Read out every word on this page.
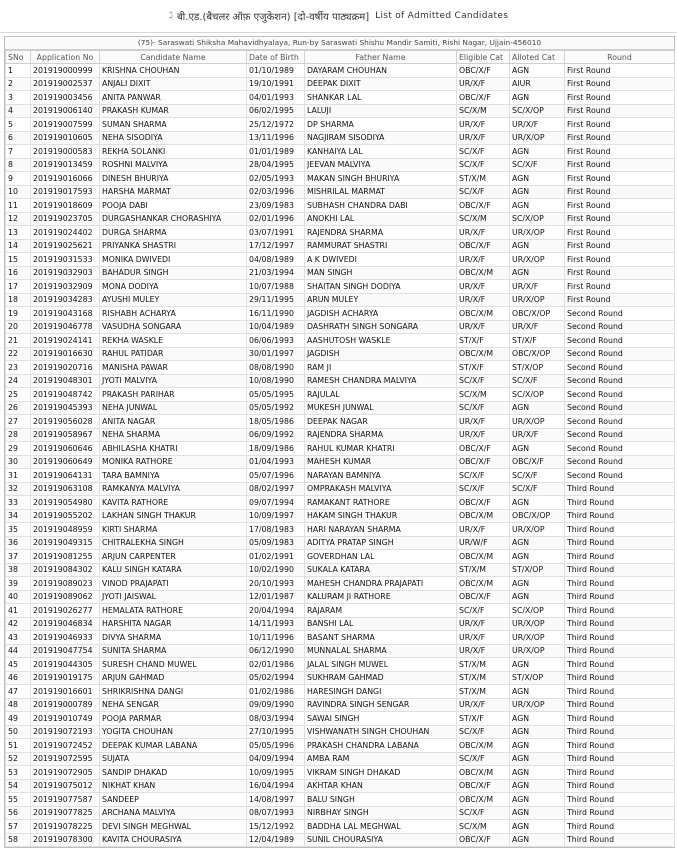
ℷ बी.एड.(बैचलर ऑफ़ एजुकेशन) [दो-वर्षीय पाठ्यक्रम] List of Admitted Candidates
(75)- Saraswati Shiksha Mahavidhyalaya, Run-by Saraswati Shishu Mandir Samiti, Rishi Nagar, Ujjain-456010
SNo	Application No	Candidate Name	Date of Birth	Father Name	Eligible Cat	Alloted Cat	Round
1	201919000999	KRISHNA CHOUHAN	01/10/1989	DAYARAM CHOUHAN	OBC/X/F	AGN	First Round
2	201919002537	ANJALI DIXIT	19/10/1991	DEEPAK DIXIT	UR/X/F	AIUR	First Round
3	201919003456	ANITA PANWAR	04/01/1993	SHANKAR LAL	OBC/X/F	AGN	First Round
4	201919006140	PRAKASH KUMAR	06/02/1995	LALUJI	SC/X/M	SC/X/OP	First Round
5	201919007599	SUMAN SHARMA	25/12/1972	DP SHARMA	UR/X/F	UR/X/F	First Round
6	201919010605	NEHA SISODIYA	13/11/1996	NAGJIRAM SISODIYA	UR/X/F	UR/X/OP	First Round
7	201919000583	REKHA SOLANKI	01/01/1989	KANHAIYA LAL	SC/X/F	AGN	First Round
8	201919013459	ROSHNI MALVIYA	28/04/1995	JEEVAN MALVIYA	SC/X/F	SC/X/F	First Round
9	201919016066	DINESH BHURIYA	02/05/1993	MAKAN SINGH BHURIYA	ST/X/M	AGN	First Round
10	201919017593	HARSHA MARMAT	02/03/1996	MISHRILAL MARMAT	SC/X/F	AGN	First Round
11	201919018609	POOJA DABI	23/09/1983	SUBHASH CHANDRA DABI	OBC/X/F	AGN	First Round
12	201919023705	DURGASHANKAR CHORASHIYA	02/01/1996	ANOKHI LAL	SC/X/M	SC/X/OP	First Round
13	201919024402	DURGA SHARMA	03/07/1991	RAJENDRA SHARMA	UR/X/F	UR/X/OP	First Round
14	201919025621	PRIYANKA SHASTRI	17/12/1997	RAMMURAT SHASTRI	OBC/X/F	AGN	First Round
15	201919031533	MONIKA DWIVEDI	04/08/1989	A K DWIVEDI	UR/X/F	UR/X/OP	First Round
16	201919032903	BAHADUR SINGH	21/03/1994	MAN SINGH	OBC/X/M	AGN	First Round
17	201919032909	MONA DODIYA	10/07/1988	SHAITAN SINGH DODIYA	UR/X/F	UR/X/F	First Round
18	201919034283	AYUSHI MULEY	29/11/1995	ARUN MULEY	UR/X/F	UR/X/OP	First Round
19	201919043168	RISHABH ACHARYA	16/11/1990	JAGDISH ACHARYA	OBC/X/M	OBC/X/OP	Second Round
20	201919046778	VASUDHA SONGARA	10/04/1989	DASHRATH SINGH SONGARA	UR/X/F	UR/X/F	Second Round
21	201919024141	REKHA WASKLE	06/06/1993	AASHUTOSH WASKLE	ST/X/F	ST/X/F	Second Round
22	201919016630	RAHUL PATIDAR	30/01/1997	JAGDISH	OBC/X/M	OBC/X/OP	Second Round
23	201919020716	MANISHA PAWAR	08/08/1990	RAM JI	ST/X/F	ST/X/OP	Second Round
24	201919048301	JYOTI MALVIYA	10/08/1990	RAMESH CHANDRA MALVIYA	SC/X/F	SC/X/F	Second Round
25	201919048742	PRAKASH PARIHAR	05/05/1995	RAJULAL	SC/X/M	SC/X/OP	Second Round
26	201919045393	NEHA JUNWAL	05/05/1992	MUKESH JUNWAL	SC/X/F	AGN	Second Round
27	201919056028	ANITA NAGAR	18/05/1986	DEEPAK NAGAR	UR/X/F	UR/X/OP	Second Round
28	201919058967	NEHA SHARMA	06/09/1992	RAJENDRA SHARMA	UR/X/F	UR/X/F	Second Round
29	201919060646	ABHILASHA KHATRI	18/09/1986	RAHUL KUMAR KHATRI	OBC/X/F	AGN	Second Round
30	201919060649	MONIKA RATHORE	01/04/1993	MAHESH KUMAR	OBC/X/F	OBC/X/F	Second Round
31	201919064131	TARA BAMNIYA	05/07/1996	NARAYAN BAMNIYA	SC/X/F	SC/X/F	Second Round
32	201919063108	RAMKANYA MALVIYA	08/02/1997	OMPRAKASH MALVIYA	SC/X/F	SC/X/F	Third Round
33	201919054980	KAVITA RATHORE	09/07/1994	RAMAKANT RATHORE	OBC/X/F	AGN	Third Round
34	201919055202	LAKHAN SINGH THAKUR	10/09/1997	HAKAM SINGH THAKUR	OBC/X/M	OBC/X/OP	Third Round
35	201919048959	KIRTI SHARMA	17/08/1983	HARI NARAYAN SHARMA	UR/X/F	UR/X/OP	Third Round
36	201919049315	CHITRALEKHA SINGH	05/09/1983	ADITYA PRATAP SINGH	UR/W/F	AGN	Third Round
37	201919081255	ARJUN CARPENTER	01/02/1991	GOVERDHAN LAL	OBC/X/M	AGN	Third Round
38	201919084302	KALU SINGH KATARA	10/02/1990	SUKALA KATARA	ST/X/M	ST/X/OP	Third Round
39	201919089023	VINOD PRAJAPATI	20/10/1993	MAHESH CHANDRA PRAJAPATI	OBC/X/M	AGN	Third Round
40	201919089062	JYOTI JAISWAL	12/01/1987	KALURAM JI RATHORE	OBC/X/F	AGN	Third Round
41	201919026277	HEMALATA RATHORE	20/04/1994	RAJARAM	SC/X/F	SC/X/OP	Third Round
42	201919046834	HARSHITA NAGAR	14/11/1993	BANSHI LAL	UR/X/F	UR/X/OP	Third Round
43	201919046933	DIVYA SHARMA	10/11/1996	BASANT SHARMA	UR/X/F	UR/X/OP	Third Round
44	201919047754	SUNITA SHARMA	06/12/1990	MUNNALAL SHARMA	UR/X/F	UR/X/OP	Third Round
45	201919044305	SURESH CHAND MUWEL	02/01/1986	JALAL SINGH MUWEL	ST/X/M	AGN	Third Round
46	201919019175	ARJUN GAHMAD	05/02/1994	SUKHRAM GAHMAD	ST/X/M	ST/X/OP	Third Round
47	201919016601	SHRIKRISHNA DANGI	01/02/1986	HARESINGH DANGI	ST/X/M	AGN	Third Round
48	201919000789	NEHA SENGAR	09/09/1990	RAVINDRA SINGH SENGAR	UR/X/F	UR/X/OP	Third Round
49	201919010749	POOJA PARMAR	08/03/1994	SAWAI SINGH	ST/X/F	AGN	Third Round
50	201919072193	YOGITA CHOUHAN	27/10/1995	VISHWANATH SINGH CHOUHAN	SC/X/F	AGN	Third Round
51	201919072452	DEEPAK KUMAR LABANA	05/05/1996	PRAKASH CHANDRA LABANA	OBC/X/M	AGN	Third Round
52	201919072595	SUJATA	04/09/1994	AMBA RAM	SC/X/F	AGN	Third Round
53	201919072905	SANDIP DHAKAD	10/09/1995	VIKRAM SINGH DHAKAD	OBC/X/M	AGN	Third Round
54	201919075012	NIKHAT KHAN	16/04/1994	AKHTAR KHAN	OBC/X/F	AGN	Third Round
55	201919077587	SANDEEP	14/08/1997	BALU SINGH	OBC/X/M	AGN	Third Round
56	201919077825	ARCHANA MALVIYA	08/07/1993	NIRBHAY SINGH	SC/X/F	AGN	Third Round
57	201919078225	DEVI SINGH MEGHWAL	15/12/1992	BADDHA LAL MEGHWAL	SC/X/M	AGN	Third Round
58	201919078300	KAVITA CHOURASIYA	12/04/1989	SUNIL CHOURASIYA	OBC/X/F	AGN	Third Round
